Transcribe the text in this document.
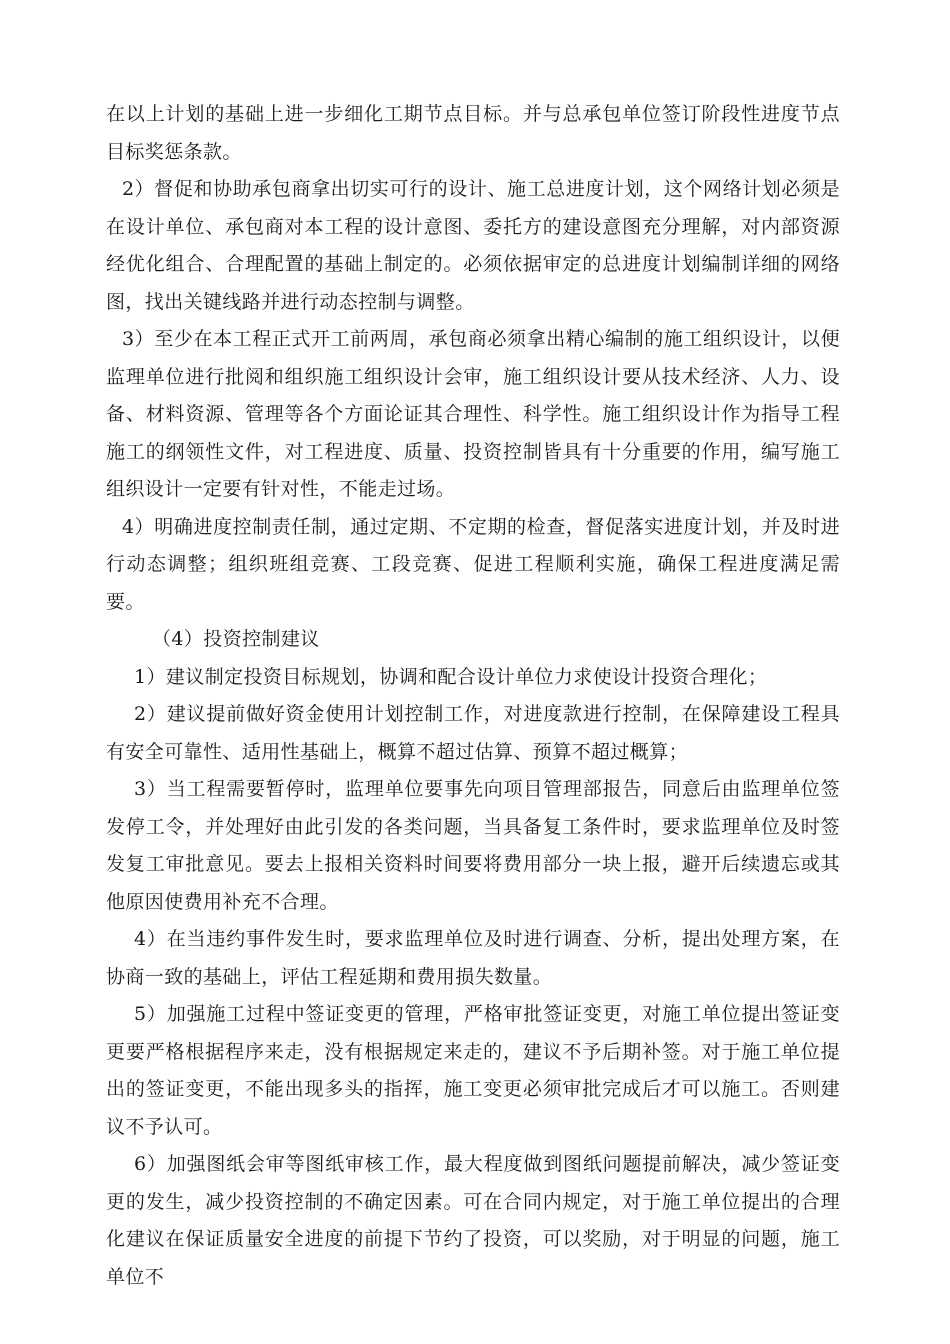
在以上计划的基础上进一步细化工期节点目标。并与总承包单位签订阶段性进度节点目标奖惩条款。

2）督促和协助承包商拿出切实可行的设计、施工总进度计划，这个网络计划必须是在设计单位、承包商对本工程的设计意图、委托方的建设意图充分理解，对内部资源经优化组合、合理配置的基础上制定的。必须依据审定的总进度计划编制详细的网络图，找出关键线路并进行动态控制与调整。

3）至少在本工程正式开工前两周，承包商必须拿出精心编制的施工组织设计，以便监理单位进行批阅和组织施工组织设计会审，施工组织设计要从技术经济、人力、设备、材料资源、管理等各个方面论证其合理性、科学性。施工组织设计作为指导工程施工的纲领性文件，对工程进度、质量、投资控制皆具有十分重要的作用，编写施工组织设计一定要有针对性，不能走过场。

4）明确进度控制责任制，通过定期、不定期的检查，督促落实进度计划，并及时进行动态调整；组织班组竞赛、工段竞赛、促进工程顺利实施，确保工程进度满足需要。

（4）投资控制建议

1）建议制定投资目标规划，协调和配合设计单位力求使设计投资合理化；

2）建议提前做好资金使用计划控制工作，对进度款进行控制，在保障建设工程具有安全可靠性、适用性基础上，概算不超过估算、预算不超过概算；

3）当工程需要暂停时，监理单位要事先向项目管理部报告，同意后由监理单位签发停工令，并处理好由此引发的各类问题，当具备复工条件时，要求监理单位及时签发复工审批意见。要去上报相关资料时间要将费用部分一块上报，避开后续遗忘或其他原因使费用补充不合理。

4）在当违约事件发生时，要求监理单位及时进行调查、分析，提出处理方案，在协商一致的基础上，评估工程延期和费用损失数量。

5）加强施工过程中签证变更的管理，严格审批签证变更，对施工单位提出签证变更要严格根据程序来走，没有根据规定来走的，建议不予后期补签。对于施工单位提出的签证变更，不能出现多头的指挥，施工变更必须审批完成后才可以施工。否则建议不予认可。

6）加强图纸会审等图纸审核工作，最大程度做到图纸问题提前解决，减少签证变更的发生，减少投资控制的不确定因素。可在合同内规定，对于施工单位提出的合理化建议在保证质量安全进度的前提下节约了投资，可以奖励，对于明显的问题，施工单位不
